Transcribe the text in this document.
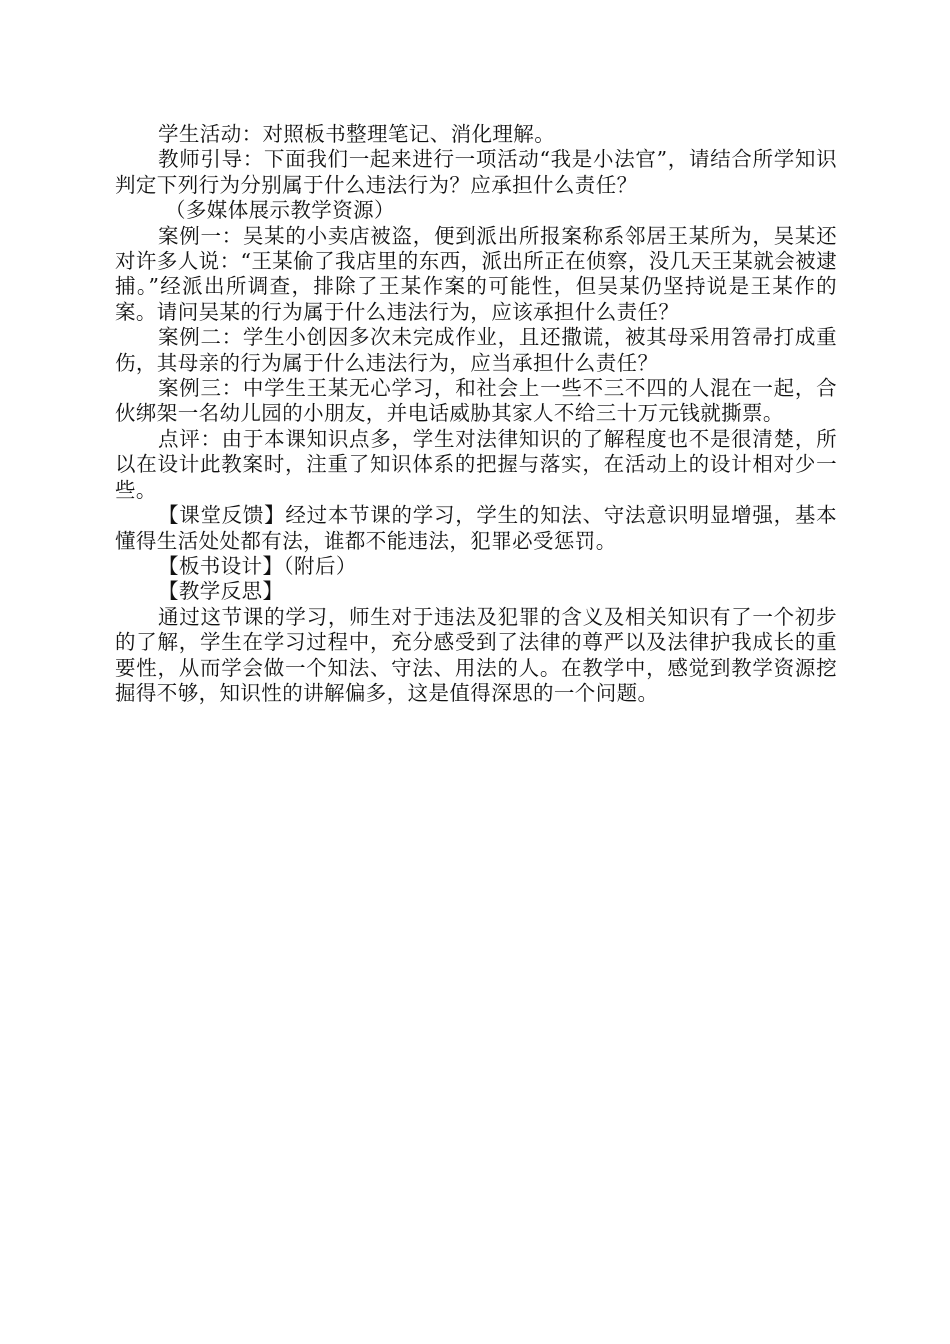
学生活动：对照板书整理笔记、消化理解。

教师引导：下面我们一起来进行一项活动“我是小法官”，请结合所学知识判定下列行为分别属于什么违法行为？应承担什么责任？

（多媒体展示教学资源）

案例一：吴某的小卖店被盗，便到派出所报案称系邻居王某所为，吴某还对许多人说：“王某偷了我店里的东西，派出所正在侦察，没几天王某就会被逮捕。”经派出所调查，排除了王某作案的可能性，但吴某仍坚持说是王某作的案。请问吴某的行为属于什么违法行为，应该承担什么责任？

案例二：学生小创因多次未完成作业，且还撒谎，被其母采用笤帚打成重伤，其母亲的行为属于什么违法行为，应当承担什么责任？

案例三：中学生王某无心学习，和社会上一些不三不四的人混在一起，合伙绑架一名幼儿园的小朋友，并电话威胁其家人不给三十万元钱就撕票。

点评：由于本课知识点多，学生对法律知识的了解程度也不是很清楚，所以在设计此教案时，注重了知识体系的把握与落实，在活动上的设计相对少一些。

【课堂反馈】经过本节课的学习，学生的知法、守法意识明显增强，基本懂得生活处处都有法，谁都不能违法，犯罪必受惩罚。

【板书设计】（附后）

【教学反思】

通过这节课的学习，师生对于违法及犯罪的含义及相关知识有了一个初步的了解，学生在学习过程中，充分感受到了法律的尊严以及法律护我成长的重要性，从而学会做一个知法、守法、用法的人。在教学中，感觉到教学资源挖掘得不够，知识性的讲解偏多，这是值得深思的一个问题。
